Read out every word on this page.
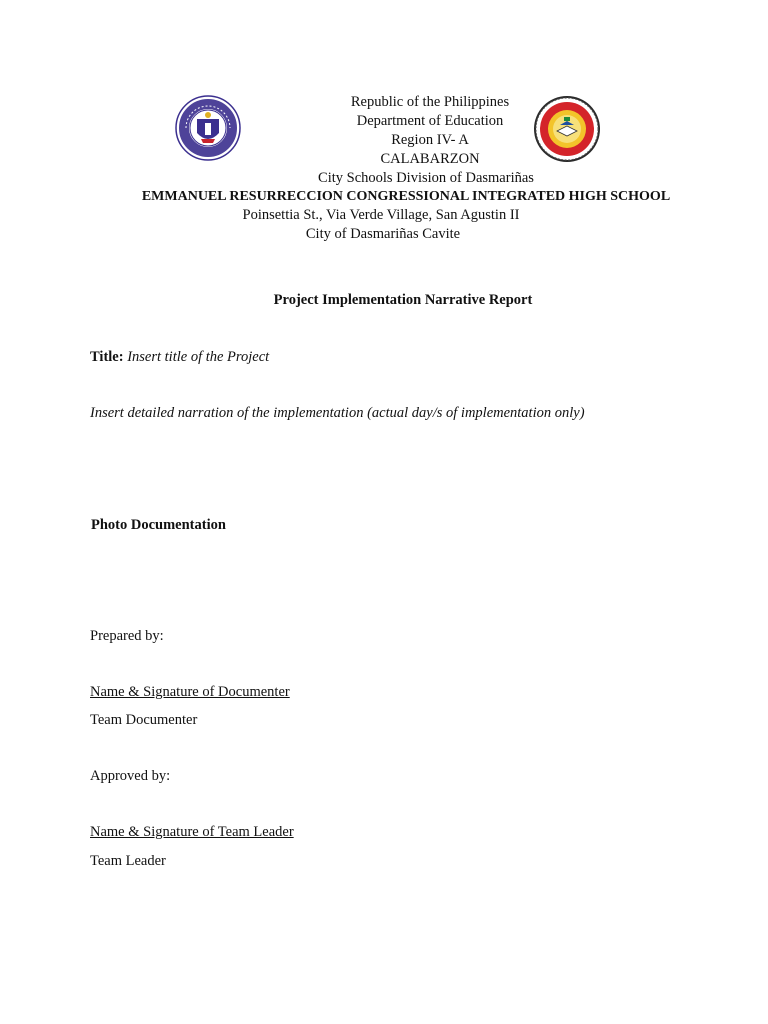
Republic of the Philippines
Department of Education
Region IV- A
CALABARZON
City Schools Division of Dasmariñas
EMMANUEL RESURRECCION CONGRESSIONAL INTEGRATED HIGH SCHOOL
Poinsettia St., Via Verde Village, San Agustin II
City of Dasmariñas Cavite
Project Implementation Narrative Report
Title: Insert title of the Project
Insert detailed narration of the implementation (actual day/s of implementation only)
Photo Documentation
Prepared by:
Name & Signature of Documenter
Team Documenter
Approved by:
Name & Signature of Team Leader
Team Leader
